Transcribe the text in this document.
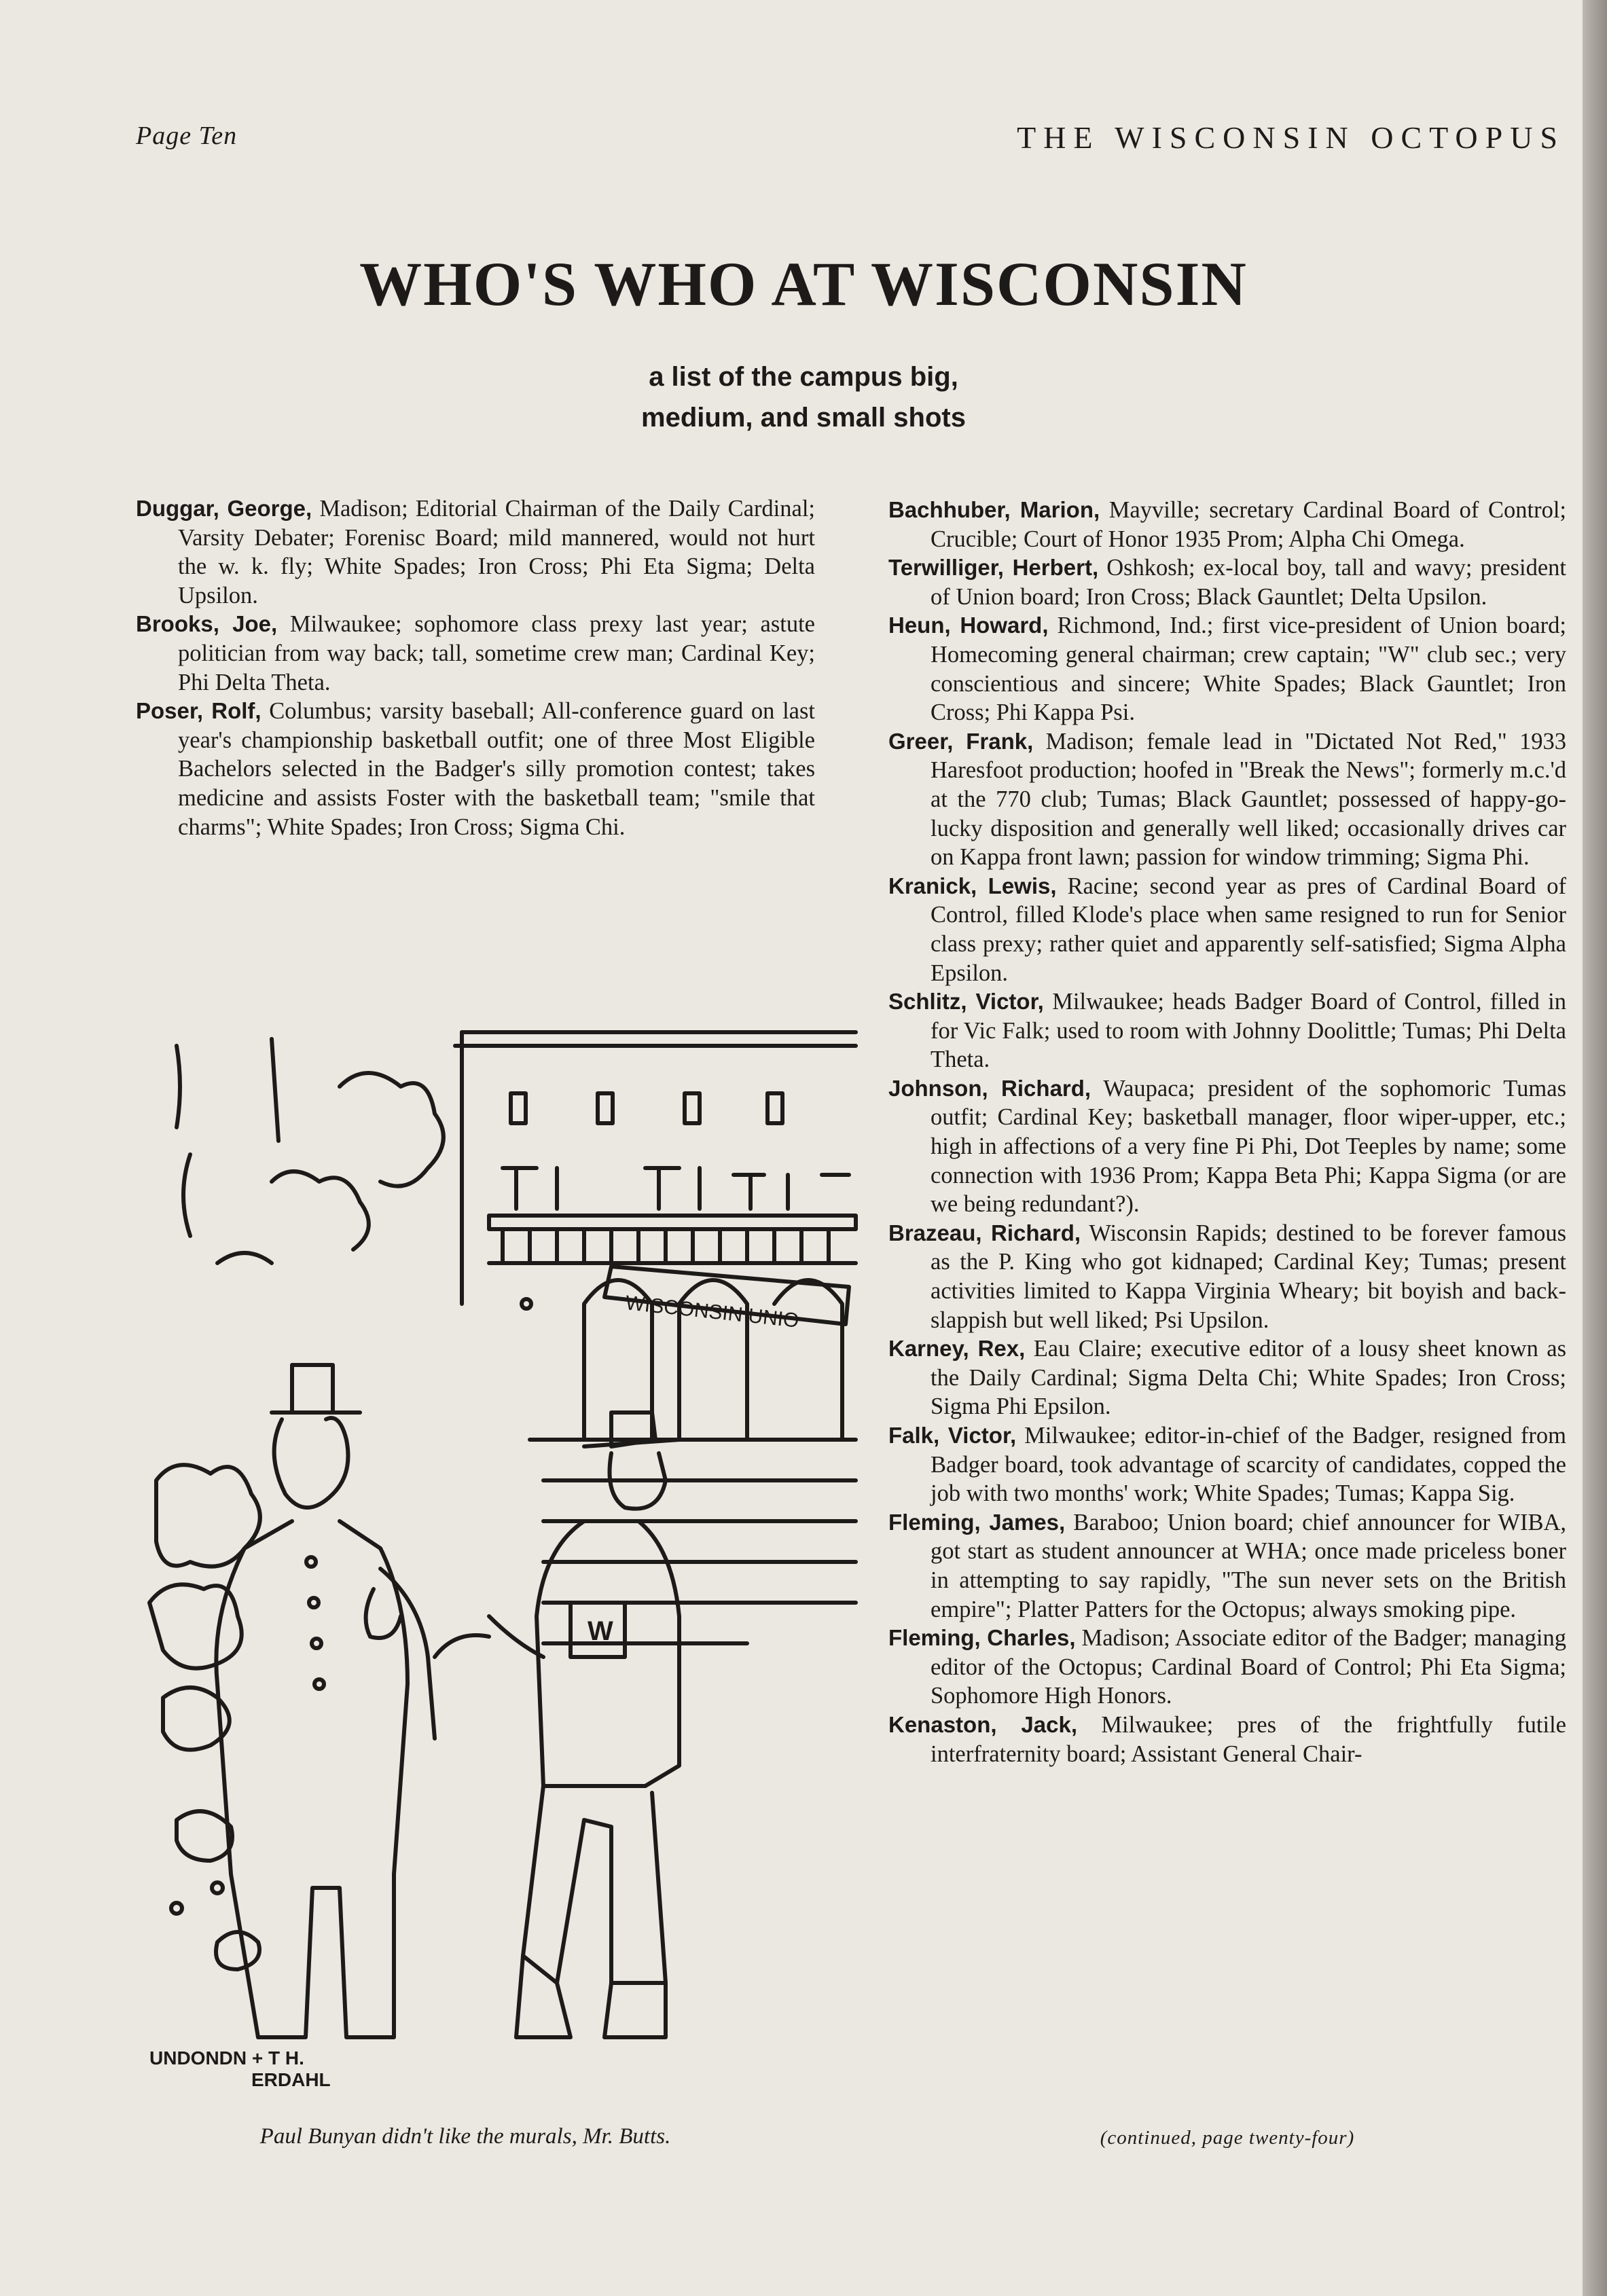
Page Ten	THE WISCONSIN OCTOPUS
WHO'S WHO AT WISCONSIN
a list of the campus big,
medium, and small shots

Duggar, George, Madison; Editorial Chairman of the Daily Cardinal; Varsity Debater; Forenisc Board; mild mannered, would not hurt the w. k. fly; White Spades; Iron Cross; Phi Eta Sigma; Delta Upsilon.

Brooks, Joe, Milwaukee; sophomore class prexy last year; astute politician from way back; tall, sometime crew man; Cardinal Key; Phi Delta Theta.

Poser, Rolf, Columbus; varsity baseball; All-conference guard on last year's championship basketball outfit; one of three Most Eligible Bachelors selected in the Badger's silly promotion contest; takes medicine and assists Foster with the basketball team; "smile that charms"; White Spades; Iron Cross; Sigma Chi.

Bachhuber, Marion, Mayville; secretary Cardinal Board of Control; Crucible; Court of Honor 1935 Prom; Alpha Chi Omega.

Terwilliger, Herbert, Oshkosh; ex-local boy, tall and wavy; president of Union board; Iron Cross; Black Gauntlet; Delta Upsilon.

Heun, Howard, Richmond, Ind.; first vice-president of Union board; Homecoming general chairman; crew captain; "W" club sec.; very conscientious and sincere; White Spades; Black Gauntlet; Iron Cross; Phi Kappa Psi.

Greer, Frank, Madison; female lead in "Dictated Not Red," 1933 Haresfoot production; hoofed in "Break the News"; formerly m.c.'d at the 770 club; Tumas; Black Gauntlet; possessed of happy-go-lucky disposition and generally well liked; occasionally drives car on Kappa front lawn; passion for window trimming; Sigma Phi.

Kranick, Lewis, Racine; second year as pres of Cardinal Board of Control, filled Klode's place when same resigned to run for Senior class prexy; rather quiet and apparently self-satisfied; Sigma Alpha Epsilon.

Schlitz, Victor, Milwaukee; heads Badger Board of Control, filled in for Vic Falk; used to room with Johnny Doolittle; Tumas; Phi Delta Theta.

Johnson, Richard, Waupaca; president of the sophomoric Tumas outfit; Cardinal Key; basketball manager, floor wiper-upper, etc.; high in affections of a very fine Pi Phi, Dot Teeples by name; some connection with 1936 Prom; Kappa Beta Phi; Kappa Sigma (or are we being redundant?).

Brazeau, Richard, Wisconsin Rapids; destined to be forever famous as the P. King who got kidnaped; Cardinal Key; Tumas; present activities limited to Kappa Virginia Wheary; bit boyish and back-slappish but well liked; Psi Upsilon.

Karney, Rex, Eau Claire; executive editor of a lousy sheet known as the Daily Cardinal; Sigma Delta Chi; White Spades; Iron Cross; Sigma Phi Epsilon.

Falk, Victor, Milwaukee; editor-in-chief of the Badger, resigned from Badger board, took advantage of scarcity of candidates, copped the job with two months' work; White Spades; Tumas; Kappa Sig.

Fleming, James, Baraboo; Union board; chief announcer for WIBA, got start as student announcer at WHA; once made priceless boner in attempting to say rapidly, "The sun never sets on the British empire"; Platter Patters for the Octopus; always smoking pipe.

Fleming, Charles, Madison; Associate editor of the Badger; managing editor of the Octopus; Cardinal Board of Control; Phi Eta Sigma; Sophomore High Honors.

Kenaston, Jack, Milwaukee; pres of the frightfully futile interfraternity board; Assistant General Chair-

WISCONSIN UNIO
W
UNDONDN + T H.
ERDAHL
Paul Bunyan didn't like the murals, Mr. Butts.	(continued, page twenty-four)
